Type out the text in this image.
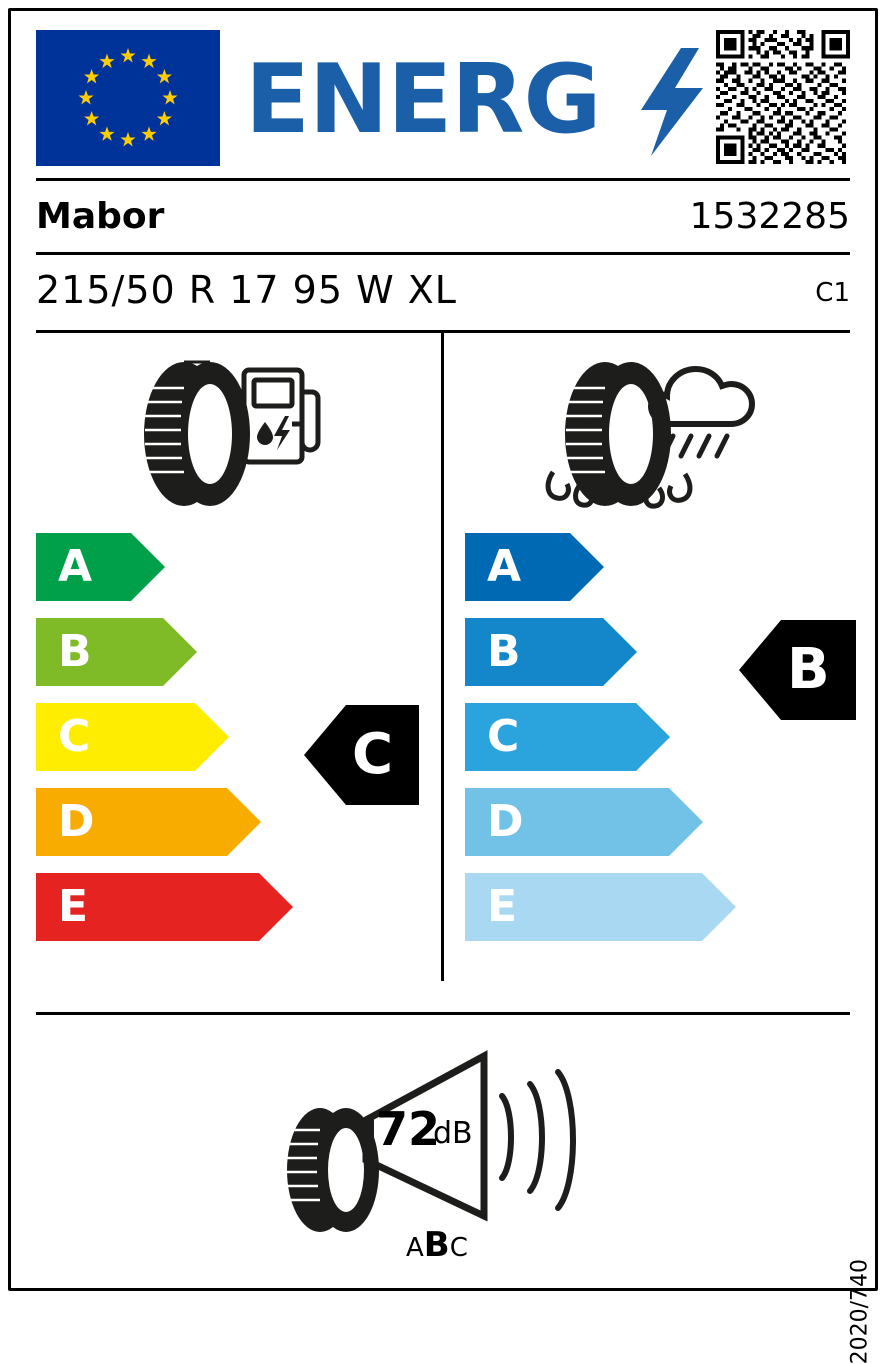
ENERG
Mabor	1532285
215/50 R 17 95 W XL	C1
A
B
C
D
E
C
A
B
C
D
E
B
72
dB
ABC
2020/740
